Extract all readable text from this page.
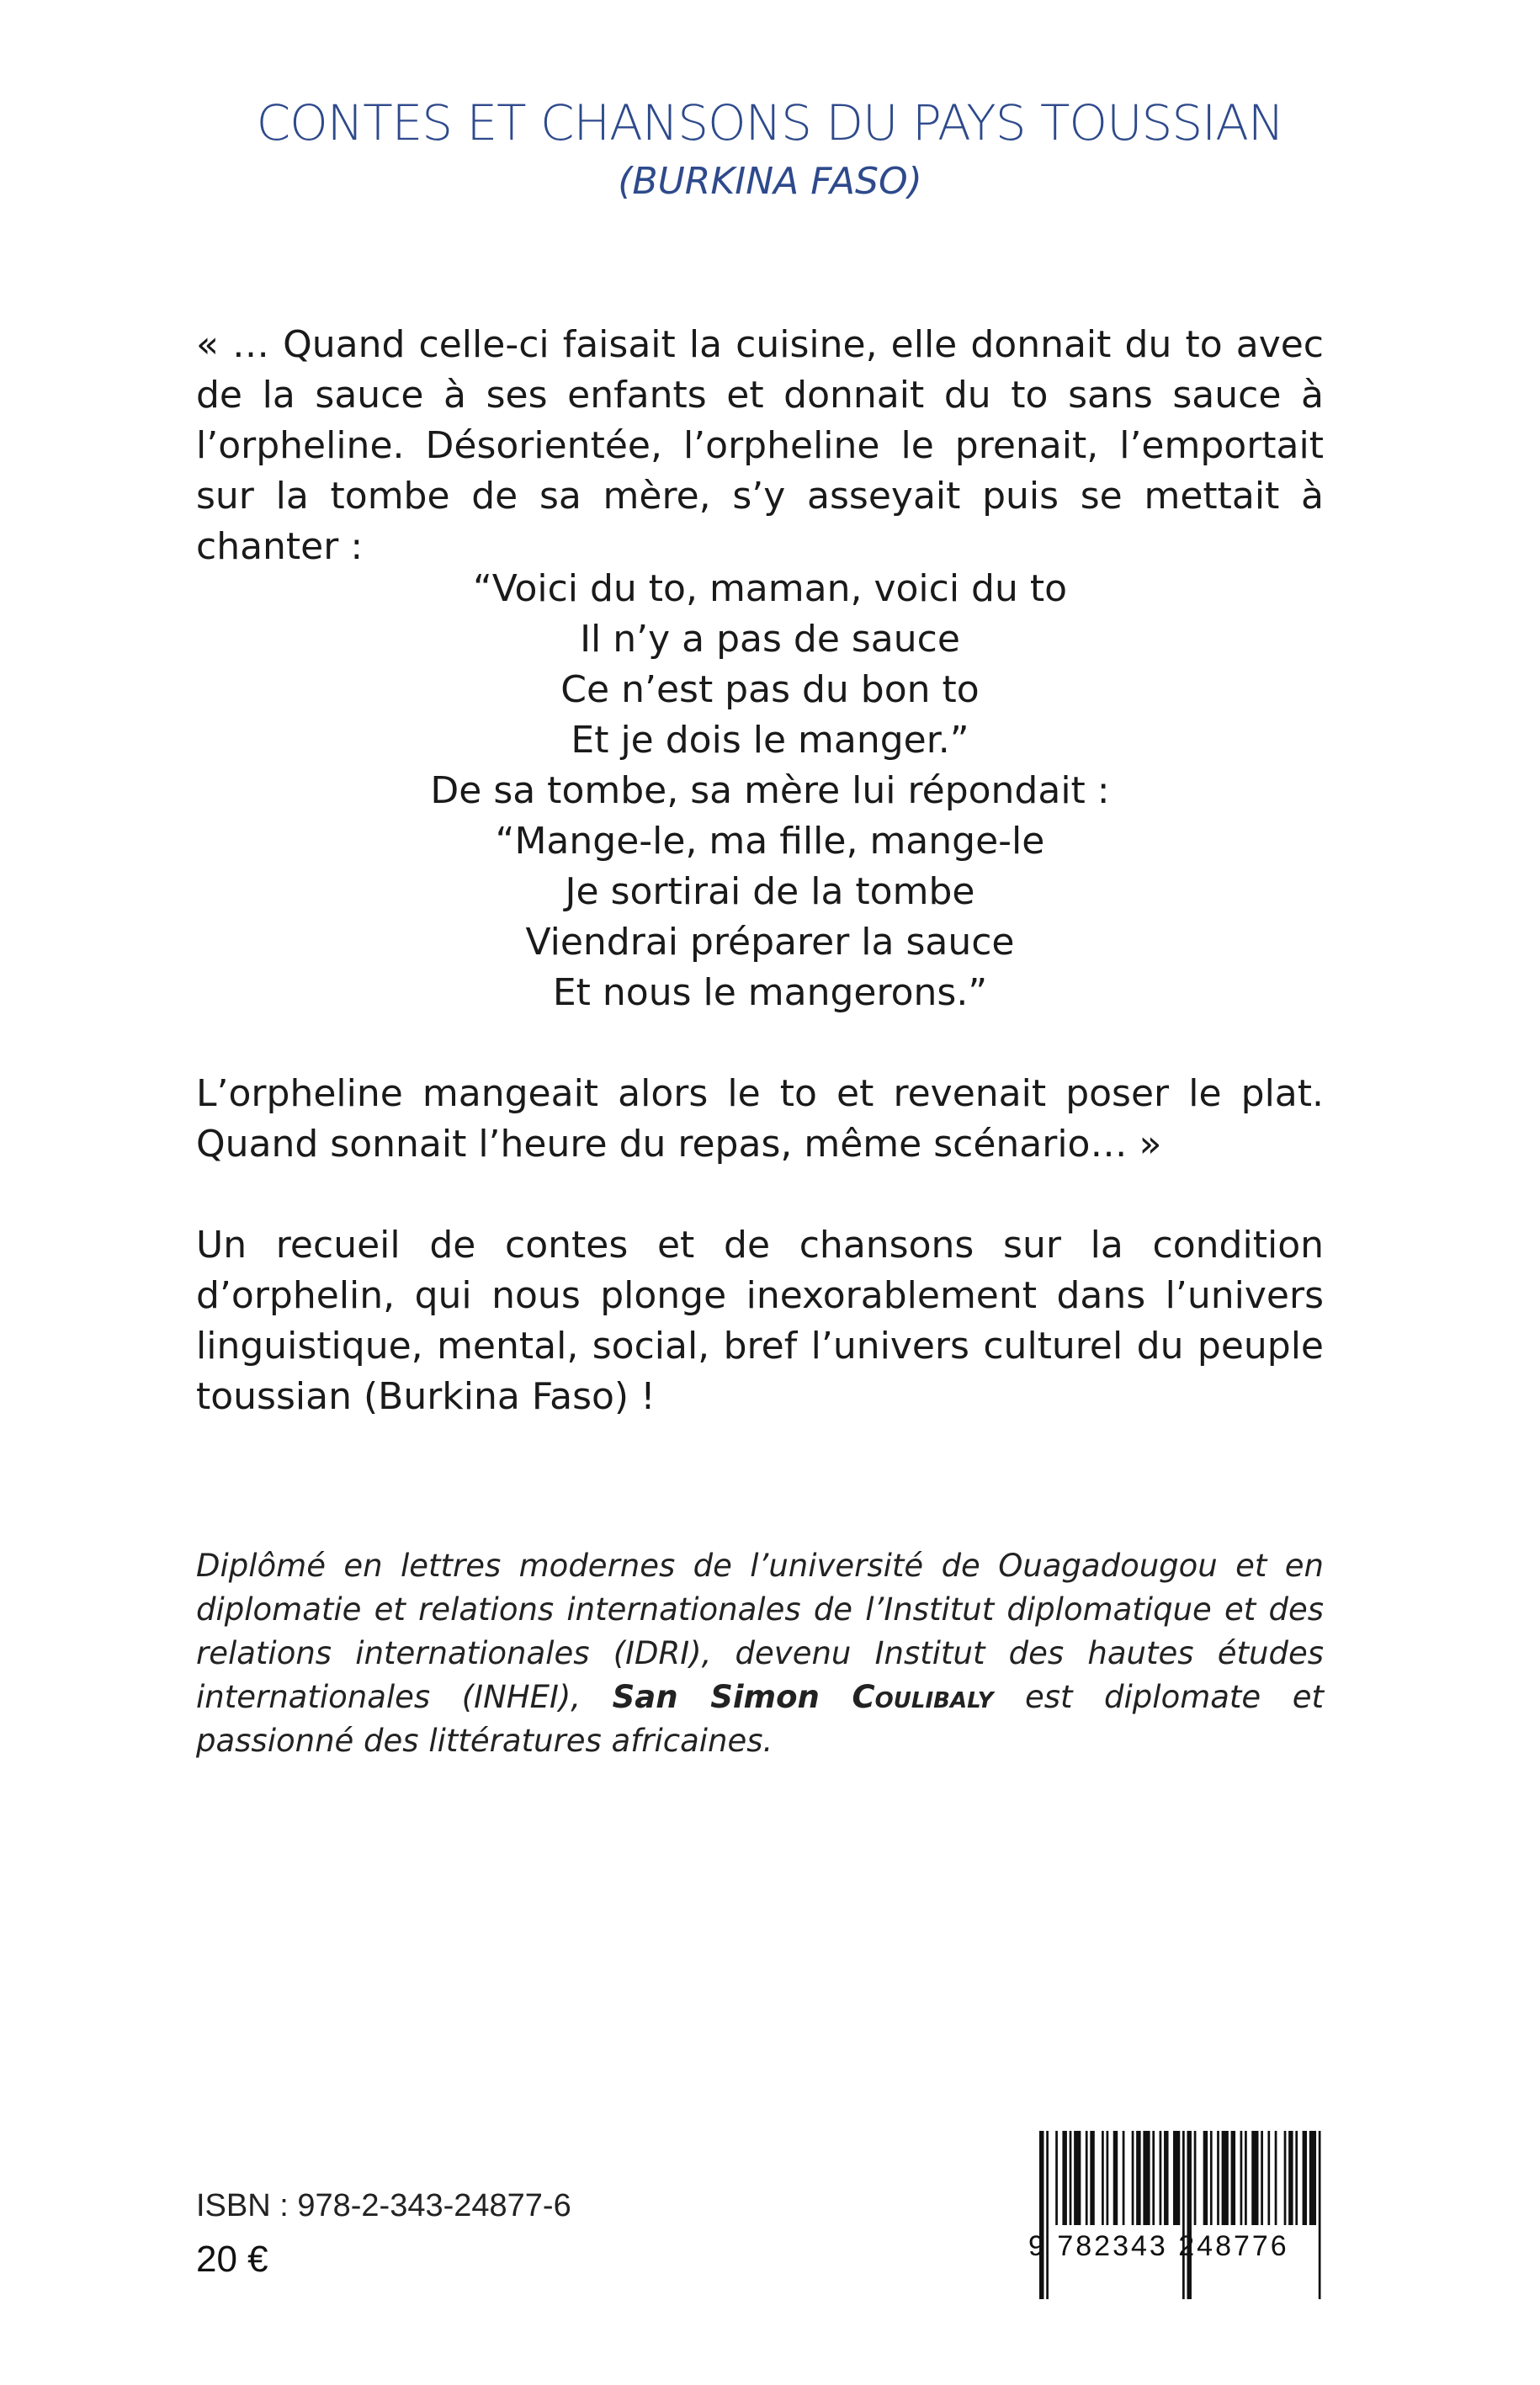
CONTES ET CHANSONS DU PAYS TOUSSIAN
(BURKINA FASO)
« … Quand celle-ci faisait la cuisine, elle donnait du to avec de la sauce à ses enfants et donnait du to sans sauce à l’orpheline. Désorientée, l’orpheline le prenait, l’emportait sur la tombe de sa mère, s’y asseyait puis se mettait à chanter :
“Voici du to, maman, voici du to
Il n’y a pas de sauce
Ce n’est pas du bon to
Et je dois le manger.”
De sa tombe, sa mère lui répondait :
“Mange-le, ma fille, mange-le
Je sortirai de la tombe
Viendrai préparer la sauce
Et nous le mangerons.”
L’orpheline mangeait alors le to et revenait poser le plat. Quand sonnait l’heure du repas, même scénario… »
Un recueil de contes et de chansons sur la condition d’orphelin, qui nous plonge inexorablement dans l’univers linguistique, mental, social, bref l’univers culturel du peuple toussian (Burkina Faso) !
Diplômé en lettres modernes de l’université de Ouagadougou et en diplomatie et relations internationales de l’Institut diplomatique et des relations internationales (IDRI), devenu Institut des hautes études internationales (INHEI), San Simon Coulibaly est diplomate et passionné des littératures africaines.
ISBN : 978-2-343-24877-6
20 €	9 782343 248776
